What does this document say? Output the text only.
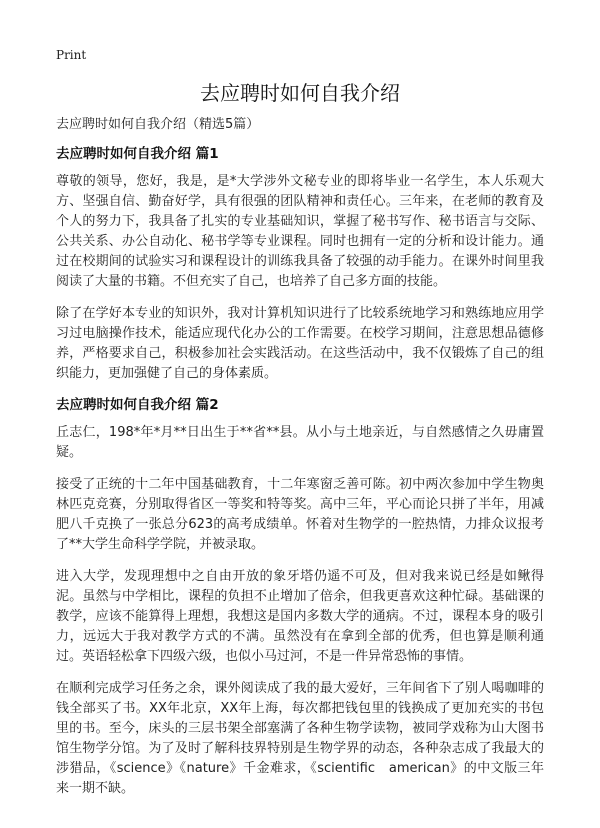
Print
去应聘时如何自我介绍
去应聘时如何自我介绍（精选5篇）
去应聘时如何自我介绍 篇1

尊敬的领导，您好，我是，是*大学涉外文秘专业的即将毕业一名学生，本人乐观大方、坚强自信、勤奋好学，具有很强的团队精神和责任心。三年来，在老师的教育及个人的努力下，我具备了扎实的专业基础知识，掌握了秘书写作、秘书语言与交际、公共关系、办公自动化、秘书学等专业课程。同时也拥有一定的分析和设计能力。通过在校期间的试验实习和课程设计的训练我具备了较强的动手能力。在课外时间里我阅读了大量的书籍。不但充实了自己，也培养了自己多方面的技能。

除了在学好本专业的知识外，我对计算机知识进行了比较系统地学习和熟练地应用学习过电脑操作技术，能适应现代化办公的工作需要。在校学习期间，注意思想品德修养，严格要求自己，积极参加社会实践活动。在这些活动中，我不仅锻炼了自己的组织能力，更加强健了自己的身体素质。

去应聘时如何自我介绍 篇2

丘志仁，198*年*月**日出生于**省**县。从小与土地亲近，与自然感情之久毋庸置疑。

接受了正统的十二年中国基础教育，十二年寒窗乏善可陈。初中两次参加中学生物奥林匹克竞赛，分别取得省区一等奖和特等奖。高中三年，平心而论只拼了半年，用减肥八千克换了一张总分623的高考成绩单。怀着对生物学的一腔热情，力排众议报考了**大学生命科学学院，并被录取。

进入大学，发现理想中之自由开放的象牙塔仍遥不可及，但对我来说已经是如鳅得泥。虽然与中学相比，课程的负担不止增加了倍余，但我更喜欢这种忙碌。基础课的教学，应该不能算得上理想，我想这是国内多数大学的通病。不过，课程本身的吸引力，远远大于我对教学方式的不满。虽然没有在拿到全部的优秀，但也算是顺利通过。英语轻松拿下四级六级，也似小马过河，不是一件异常恐怖的事情。

在顺利完成学习任务之余，课外阅读成了我的最大爱好，三年间省下了别人喝咖啡的钱全部买了书。XX年北京，XX年上海，每次都把钱包里的钱换成了更加充实的书包里的书。至今，床头的三层书架全部塞满了各种生物学读物，被同学戏称为山大图书馆生物学分馆。为了及时了解科技界特别是生物学界的动态，各种杂志成了我最大的涉猎品，《science》《nature》千金难求，《scientific　american》的中文版三年来一期不缺。
